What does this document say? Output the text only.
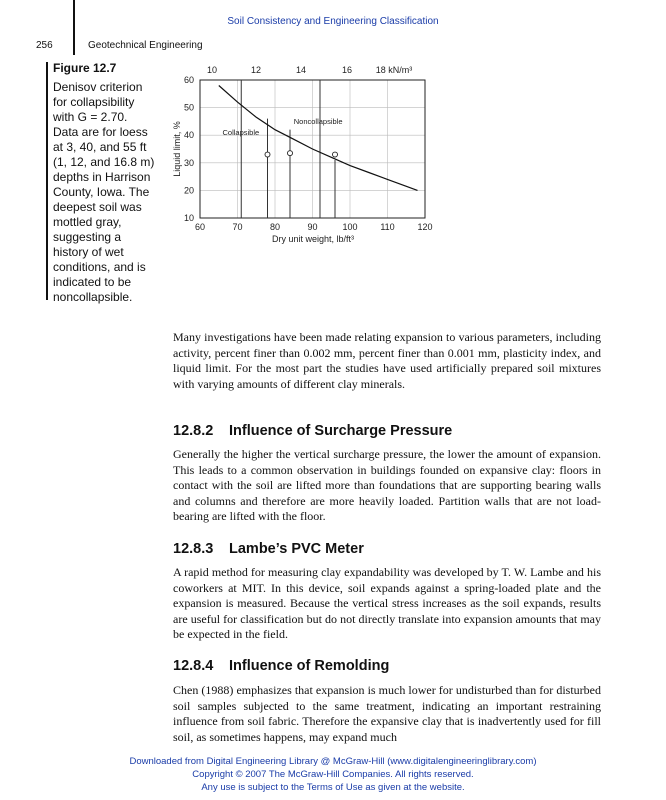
Soil Consistency and Engineering Classification
256	Geotechnical Engineering
Figure 12.7
Denisov criterion
for collapsibility
with G = 2.70.
Data are for loess
at 3, 40, and 55 ft
(1, 12, and 16.8 m)
depths in Harrison
County, Iowa. The
deepest soil was
mottled gray,
suggesting a
history of wet
conditions, and is
indicated to be
noncollapsible.
Collapsible
Noncollapsible
60	70	80	90	100	110	120
10
20
30
40
50
60
10	12	14	16	18 kN/m³
Dry unit weight, lb/ft³
Liquid limit, %

Many investigations have been made relating expansion to various parameters, including activity, percent finer than 0.002 mm, percent finer than 0.001 mm, plasticity index, and liquid limit. For the most part the studies have used artificially prepared soil mixtures with varying amounts of different clay minerals.

12.8.2 Influence of Surcharge Pressure

Generally the higher the vertical surcharge pressure, the lower the amount of expansion. This leads to a common observation in buildings founded on expansive clay: floors in contact with the soil are lifted more than foundations that are supporting bearing walls and columns and therefore are more heavily loaded. Partition walls that are not load-bearing are lifted with the floor.

12.8.3 Lambe’s PVC Meter

A rapid method for measuring clay expandability was developed by T. W. Lambe and his coworkers at MIT. In this device, soil expands against a spring-loaded plate and the expansion is measured. Because the vertical stress increases as the soil expands, results are useful for classification but do not directly translate into expansion amounts that may be expected in the field.

12.8.4 Influence of Remolding

Chen (1988) emphasizes that expansion is much lower for undisturbed than for disturbed soil samples subjected to the same treatment, indicating an important restraining influence from soil fabric. Therefore the expansive clay that is inadvertently used for fill soil, as sometimes happens, may expand much

Downloaded from Digital Engineering Library @ McGraw-Hill (www.digitalengineeringlibrary.com)
Copyright © 2007 The McGraw-Hill Companies. All rights reserved.
Any use is subject to the Terms of Use as given at the website.
